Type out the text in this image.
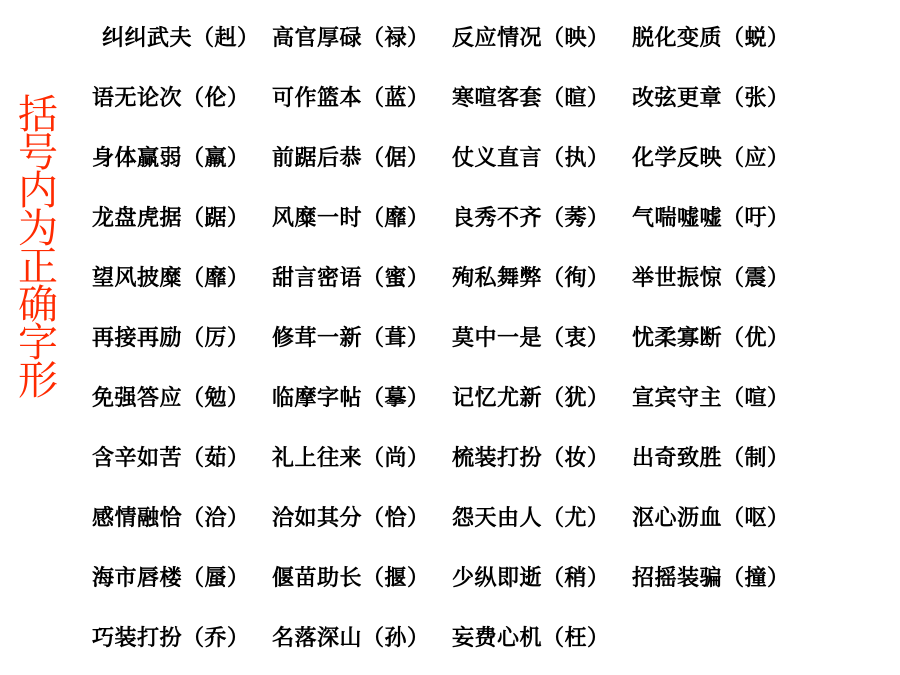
括号内为正确字形
纠纠武夫（赳） 高官厚碌（禄） 反应情况（映） 脱化变质（蜕）
语无论次（伦） 可作篮本（蓝） 寒喧客套（暄） 改弦更章（张）
身体赢弱（羸） 前踞后恭（倨） 仗义直言（执） 化学反映（应）
龙盘虎据（踞） 风糜一时（靡） 良秀不齐（莠） 气喘嘘嘘（吁）
望风披糜（靡） 甜言密语（蜜） 殉私舞弊（徇） 举世振惊（震）
再接再励（厉） 修茸一新（葺） 莫中一是（衷） 忧柔寡断（优）
免强答应（勉） 临摩字帖（摹） 记忆尤新（犹） 宣宾守主（喧）
含辛如苦（茹） 礼上往来（尚） 梳装打扮（妆） 出奇致胜（制）
感情融恰（洽） 洽如其分（恰） 怨天由人（尤） 沤心沥血（呕）
海市唇楼（蜃） 偃苗助长（揠） 少纵即逝（稍） 招摇装骗（撞）
巧装打扮（乔） 名落深山（孙） 妄费心机（枉）
